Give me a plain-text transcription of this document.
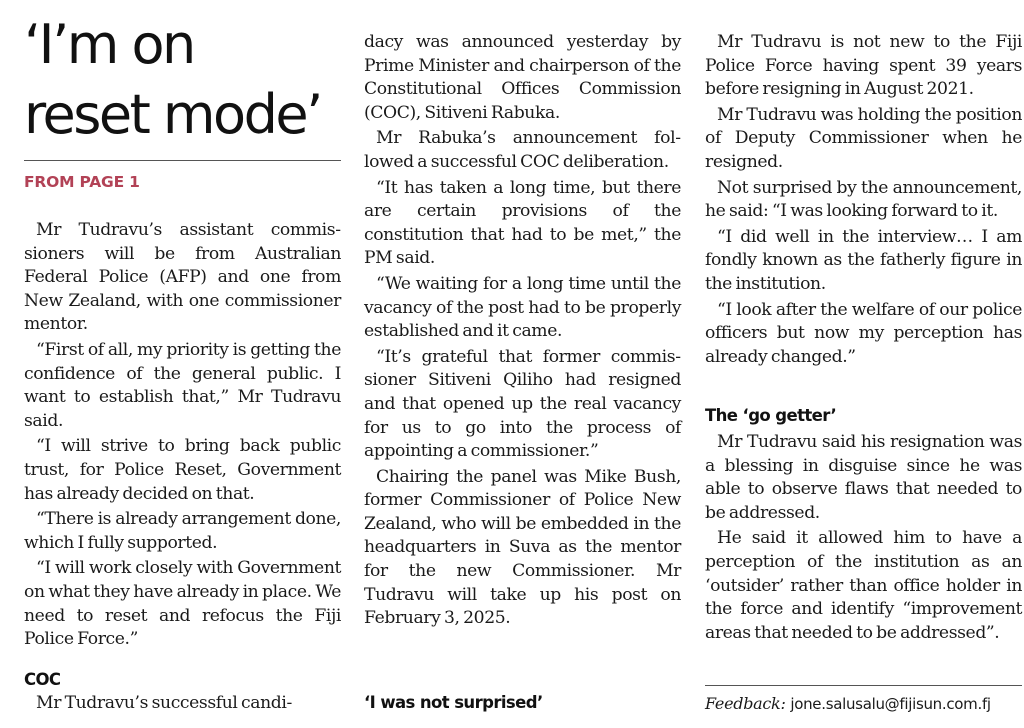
‘I’m on
reset mode’
FROM PAGE 1

Mr Tudravu’s assistant commissioners will be from Australian Federal Police (AFP) and one from New Zealand, with one commissioner mentor.

“First of all, my priority is getting the confidence of the general public. I want to establish that,” Mr Tudravu said.

“I will strive to bring back public trust, for Police Reset, Government has already decided on that.

“There is already arrangement done, which I fully supported.

“I will work closely with Government on what they have already in place. We need to reset and refocus the Fiji Police Force.”

COC

Mr Tudravu’s successful candi-

dacy was announced yesterday by Prime Minister and chairperson of the Constitutional Offices Commission (COC), Sitiveni Rabuka.

Mr Rabuka’s announcement followed a successful COC deliberation.

“It has taken a long time, but there are certain provisions of the constitution that had to be met,” the PM said.

“We waiting for a long time until the vacancy of the post had to be properly established and it came.

“It’s grateful that former commissioner Sitiveni Qiliho had resigned and that opened up the real vacancy for us to go into the process of appointing a commissioner.”

Chairing the panel was Mike Bush, former Commissioner of Police New Zealand, who will be embedded in the headquarters in Suva as the mentor for the new Commissioner. Mr Tudravu will take up his post on February 3, 2025.

‘I was not surprised’

Mr Tudravu is not new to the Fiji Police Force having spent 39 years before resigning in August 2021.

Mr Tudravu was holding the position of Deputy Commissioner when he resigned.

Not surprised by the announcement, he said: “I was looking forward to it.

“I did well in the interview… I am fondly known as the fatherly figure in the institution.

“I look after the welfare of our police officers but now my perception has already changed.”

The ‘go getter’

Mr Tudravu said his resignation was a blessing in disguise since he was able to observe flaws that needed to be addressed.

He said it allowed him to have a perception of the institution as an ‘outsider’ rather than office holder in the force and identify “improvement areas that needed to be addressed”.

Feedback: jone.salusalu@fijisun.com.fj
